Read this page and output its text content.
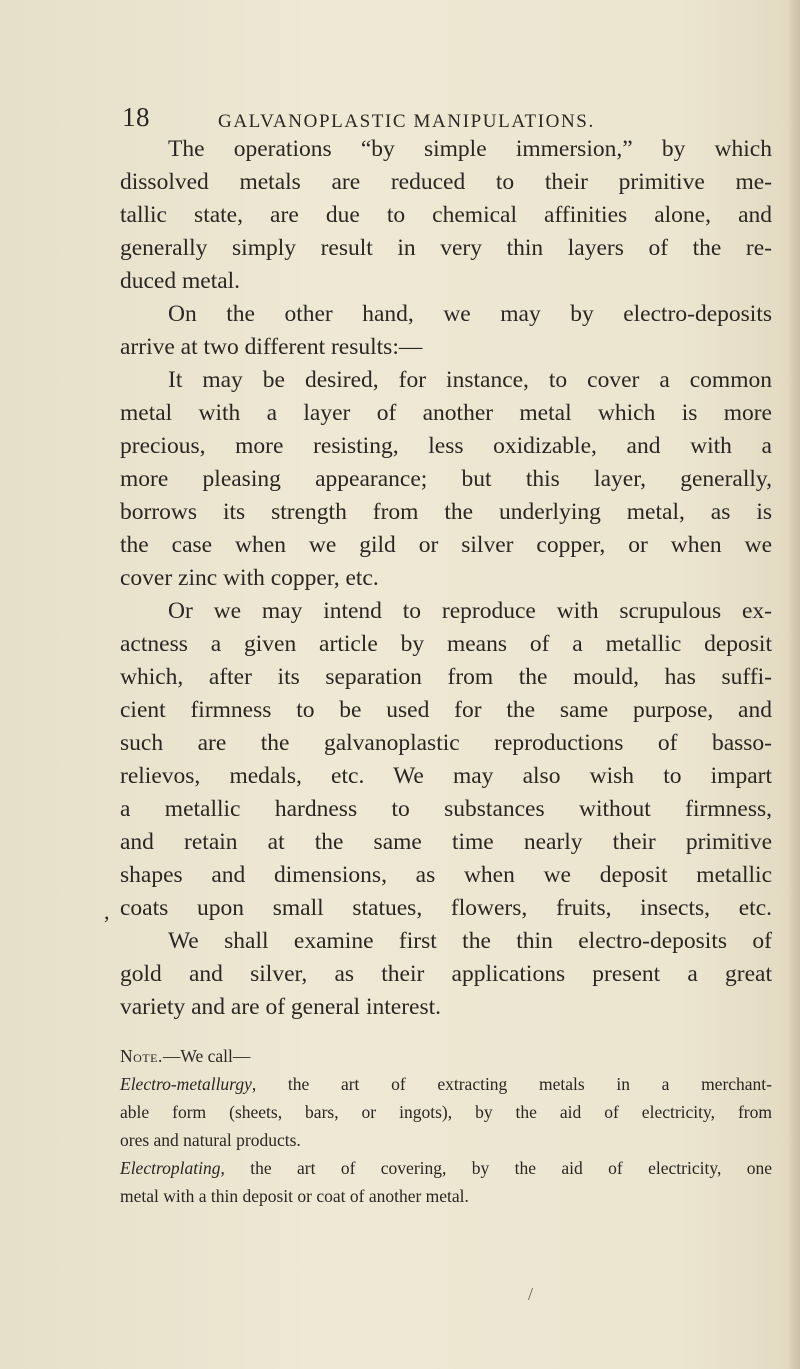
18	GALVANOPLASTIC MANIPULATIONS.
The operations “by simple immersion,” by which
dissolved metals are reduced to their primitive me-
tallic state, are due to chemical affinities alone, and
generally simply result in very thin layers of the re-
duced metal.
On the other hand, we may by electro-deposits
arrive at two different results:—
It may be desired, for instance, to cover a common
metal with a layer of another metal which is more
precious, more resisting, less oxidizable, and with a
more pleasing appearance; but this layer, generally,
borrows its strength from the underlying metal, as is
the case when we gild or silver copper, or when we
cover zinc with copper, etc.
Or we may intend to reproduce with scrupulous ex-
actness a given article by means of a metallic deposit
which, after its separation from the mould, has suffi-
cient firmness to be used for the same purpose, and
such are the galvanoplastic reproductions of basso-
relievos, medals, etc. We may also wish to impart
a metallic hardness to substances without firmness,
and retain at the same time nearly their primitive
shapes and dimensions, as when we deposit metallic
coats upon small statues, flowers, fruits, insects, etc.
We shall examine first the thin electro-deposits of
gold and silver, as their applications present a great
variety and are of general interest.
,
Note.—We call—
Electro-metallurgy, the art of extracting metals in a merchant-
able form (sheets, bars, or ingots), by the aid of electricity, from
ores and natural products.
Electroplating, the art of covering, by the aid of electricity, one
metal with a thin deposit or coat of another metal.
/
